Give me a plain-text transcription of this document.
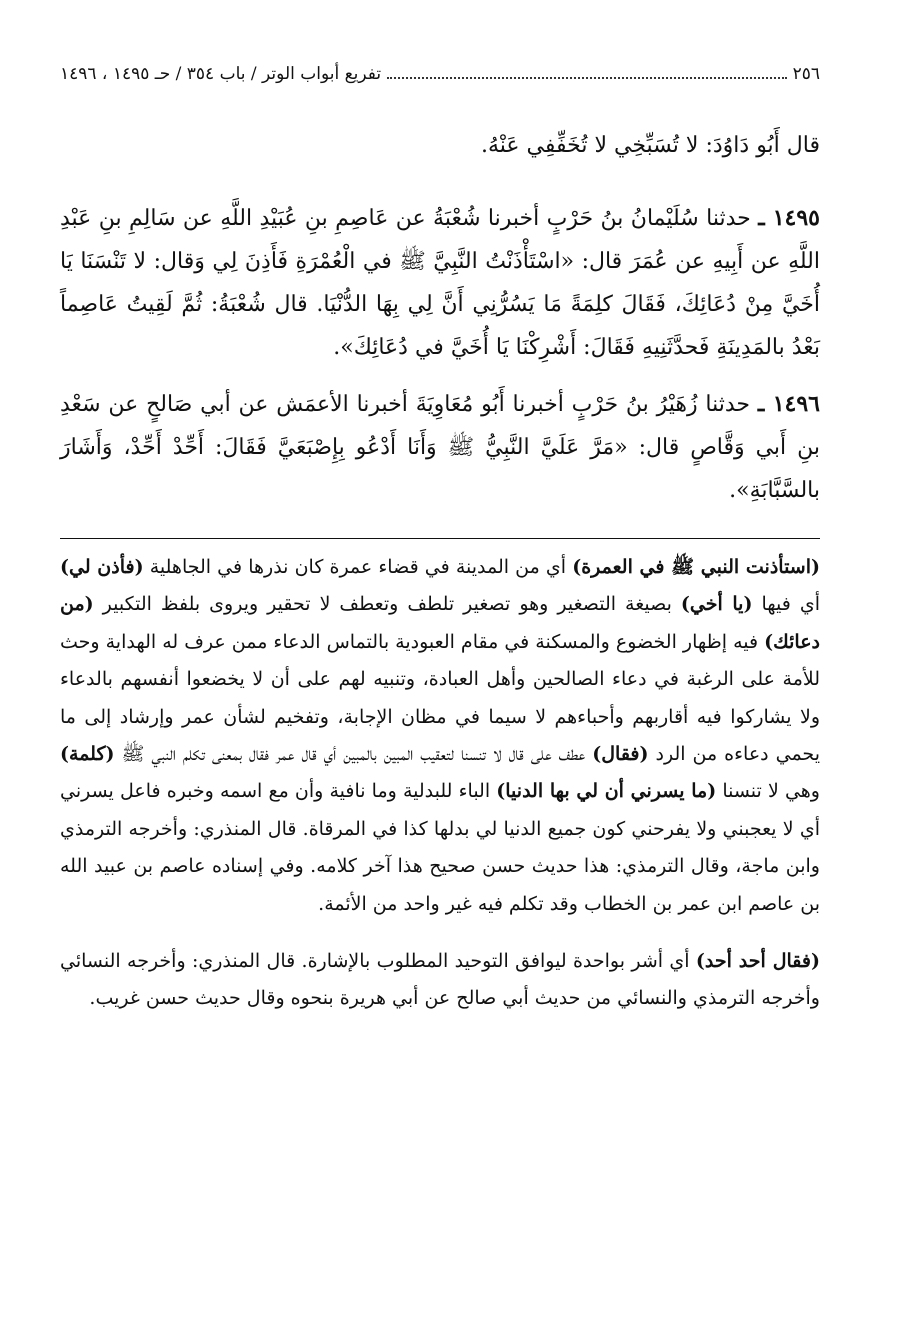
٢٥٦
تفريع أبواب الوتر / باب ٣٥٤ / حـ ١٤٩٥ ، ١٤٩٦

قال أَبُو دَاوُدَ: لا تُسَبِّخِي لا تُخَفِّفِي عَنْهُ.

١٤٩٥ ـ حدثنا سُلَيْمانُ بنُ حَرْبٍ أخبرنا شُعْبَةُ عن عَاصِمِ بنِ عُبَيْدِ اللَّهِ عن سَالِمِ بنِ عَبْدِ اللَّهِ عن أَبِيهِ عن عُمَرَ قال: «اسْتَأْذَنْتُ النَّبِيَّ ﷺ في الْعُمْرَةِ فَأَذِنَ لِي وَقال: لا تَنْسَنَا يَا أُخَيَّ مِنْ دُعَائِكَ، فَقَالَ كلِمَةً مَا يَسُرُّنِي أَنَّ لِي بِهَا الدُّنْيَا. قال شُعْبَةُ: ثُمَّ لَقِيتُ عَاصِماً بَعْدُ بالمَدِينَةِ فَحدَّثَنِيهِ فَقَالَ: أَشْرِكْنَا يَا أُخَيَّ في دُعَائِكَ».

١٤٩٦ ـ حدثنا زُهَيْرُ بنُ حَرْبٍ أخبرنا أَبُو مُعَاوِيَةَ أخبرنا الأعمَش عن أبي صَالحٍ عن سَعْدِ بنِ أَبي وَقَّاصٍ قال: «مَرَّ عَلَيَّ النَّبِيُّ ﷺ وَأَنَا أَدْعُو بِإِصْبَعَيَّ فَقَالَ: أَحِّدْ أَحِّدْ، وَأَشَارَ بالسَّبَّابَةِ».

(استأذنت النبي ﷺ في العمرة) أي من المدينة في قضاء عمرة كان نذرها في الجاهلية (فأذن لي) أي فيها (يا أخي) بصيغة التصغير وهو تصغير تلطف وتعطف لا تحقير ويروى بلفظ التكبير (من دعائك) فيه إظهار الخضوع والمسكنة في مقام العبودية بالتماس الدعاء ممن عرف له الهداية وحث للأمة على الرغبة في دعاء الصالحين وأهل العبادة، وتنبيه لهم على أن لا يخضعوا أنفسهم بالدعاء ولا يشاركوا فيه أقاربهم وأحباءهم لا سيما في مظان الإجابة، وتفخيم لشأن عمر وإرشاد إلى ما يحمي دعاءه من الرد (فقال) عطف على قال لا تنسنا لتعقيب المبين بالمبين أي قال عمر فقال بمعنى تكلم النبي ﷺ (كلمة) وهي لا تنسنا (ما يسرني أن لي بها الدنيا) الباء للبدلية وما نافية وأن مع اسمه وخبره فاعل يسرني أي لا يعجبني ولا يفرحني كون جميع الدنيا لي بدلها كذا في المرقاة. قال المنذري: وأخرجه الترمذي وابن ماجة، وقال الترمذي: هذا حديث حسن صحيح هذا آخر كلامه. وفي إسناده عاصم بن عبيد الله بن عاصم ابن عمر بن الخطاب وقد تكلم فيه غير واحد من الأئمة.

(فقال أحد أحد) أي أشر بواحدة ليوافق التوحيد المطلوب بالإشارة. قال المنذري: وأخرجه النسائي وأخرجه الترمذي والنسائي من حديث أبي صالح عن أبي هريرة بنحوه وقال حديث حسن غريب.
